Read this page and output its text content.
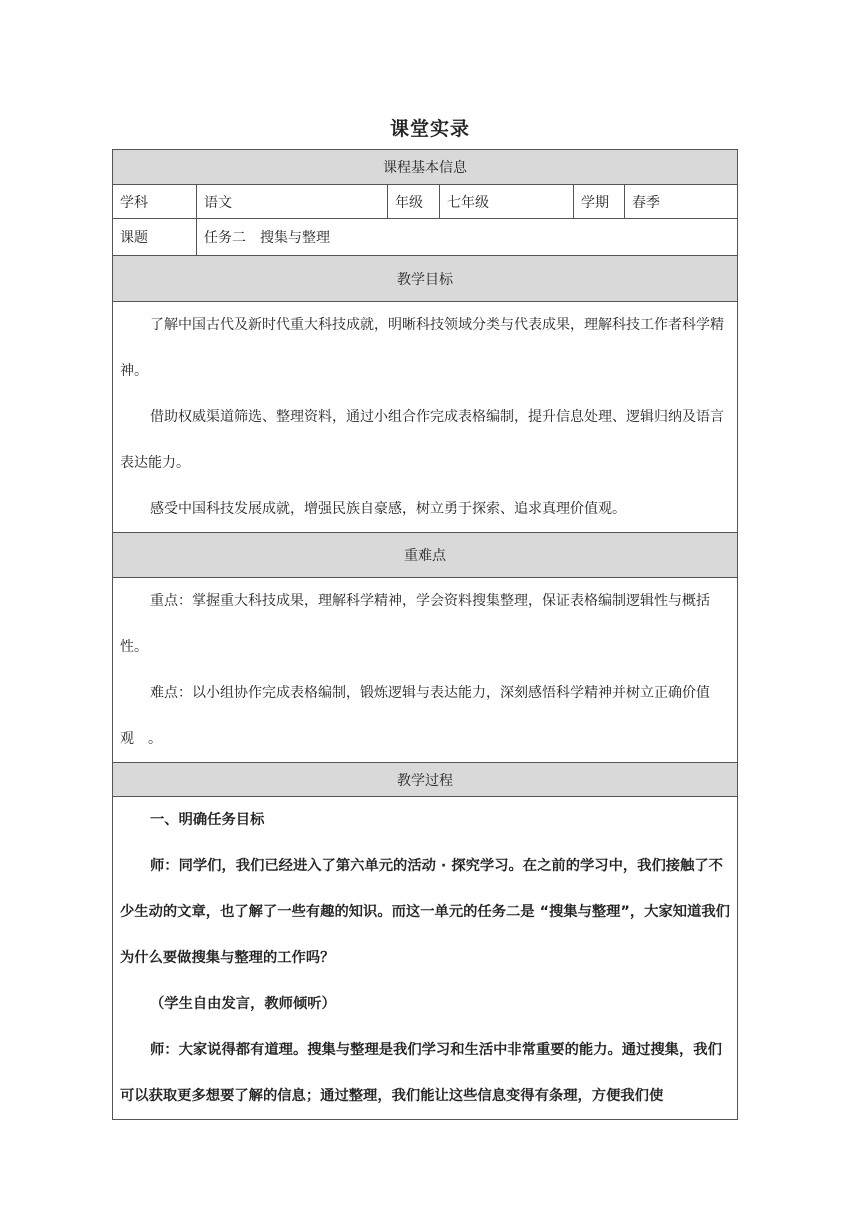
课堂实录
课程基本信息					
学科	语文	年级	七年级	学期	春季
课题	任务二　搜集与整理				
教学目标					

了解中国古代及新时代重大科技成就，明晰科技领域分类与代表成果，理解科技工作者科学精神。

借助权威渠道筛选、整理资料，通过小组合作完成表格编制，提升信息处理、逻辑归纳及语言表达能力。

感受中国科技发展成就，增强民族自豪感，树立勇于探索、追求真理价值观。					

重难点					

重点：掌握重大科技成果，理解科学精神，学会资料搜集整理，保证表格编制逻辑性与概括性。

难点：以小组协作完成表格编制，锻炼逻辑与表达能力，深刻感悟科学精神并树立正确价值观　。					

教学过程					

一、明确任务目标

师：同学们，我们已经进入了第六单元的活动 · 探究学习。在之前的学习中，我们接触了不少生动的文章，也了解了一些有趣的知识。而这一单元的任务二是 “搜集与整理”，大家知道我们为什么要做搜集与整理的工作吗？

（学生自由发言，教师倾听）

师：大家说得都有道理。搜集与整理是我们学习和生活中非常重要的能力。通过搜集，我们可以获取更多想要了解的信息；通过整理，我们能让这些信息变得有条理，方便我们使					
